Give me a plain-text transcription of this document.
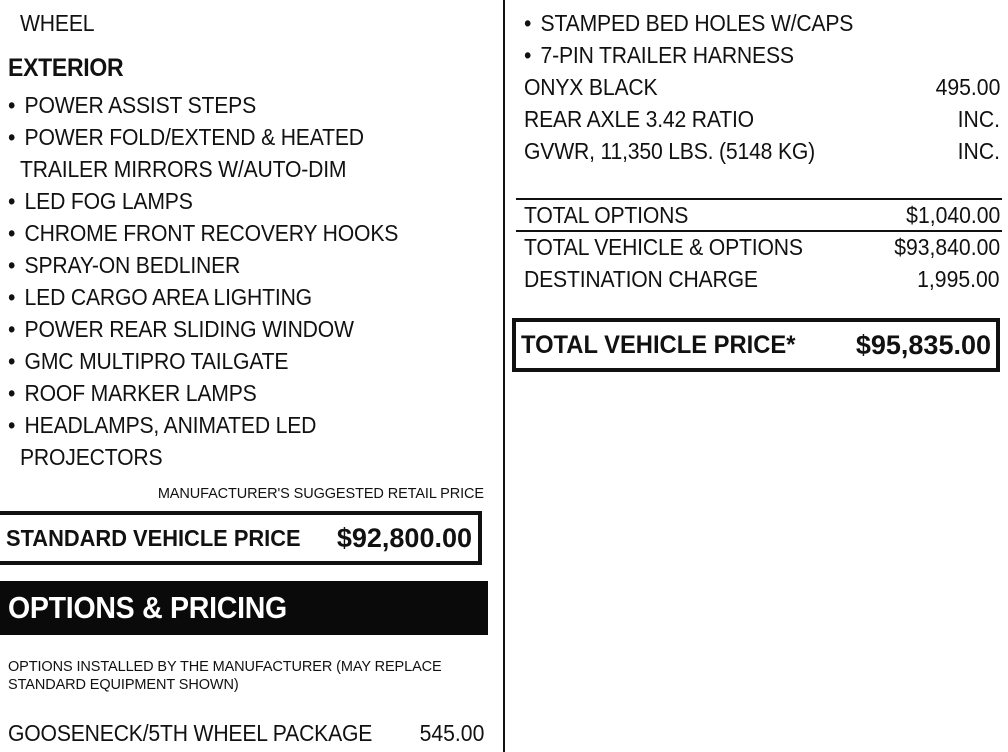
WHEEL
EXTERIOR
• POWER ASSIST STEPS
• POWER FOLD/EXTEND & HEATED
TRAILER MIRRORS W/AUTO-DIM
• LED FOG LAMPS
• CHROME FRONT RECOVERY HOOKS
• SPRAY-ON BEDLINER
• LED CARGO AREA LIGHTING
• POWER REAR SLIDING WINDOW
• GMC MULTIPRO TAILGATE
• ROOF MARKER LAMPS
• HEADLAMPS, ANIMATED LED
PROJECTORS
MANUFACTURER'S SUGGESTED RETAIL PRICE
STANDARD VEHICLE PRICE $92,800.00
OPTIONS & PRICING
OPTIONS INSTALLED BY THE MANUFACTURER (MAY REPLACE
STANDARD EQUIPMENT SHOWN)
GOOSENECK/5TH WHEEL PACKAGE 545.00
• STAMPED BED HOLES W/CAPS
• 7-PIN TRAILER HARNESS
ONYX BLACK	495.00
REAR AXLE 3.42 RATIO	INC.
GVWR, 11,350 LBS. (5148 KG)	INC.
TOTAL OPTIONS	$1,040.00
TOTAL VEHICLE & OPTIONS	$93,840.00
DESTINATION CHARGE	1,995.00
TOTAL VEHICLE PRICE* $95,835.00
